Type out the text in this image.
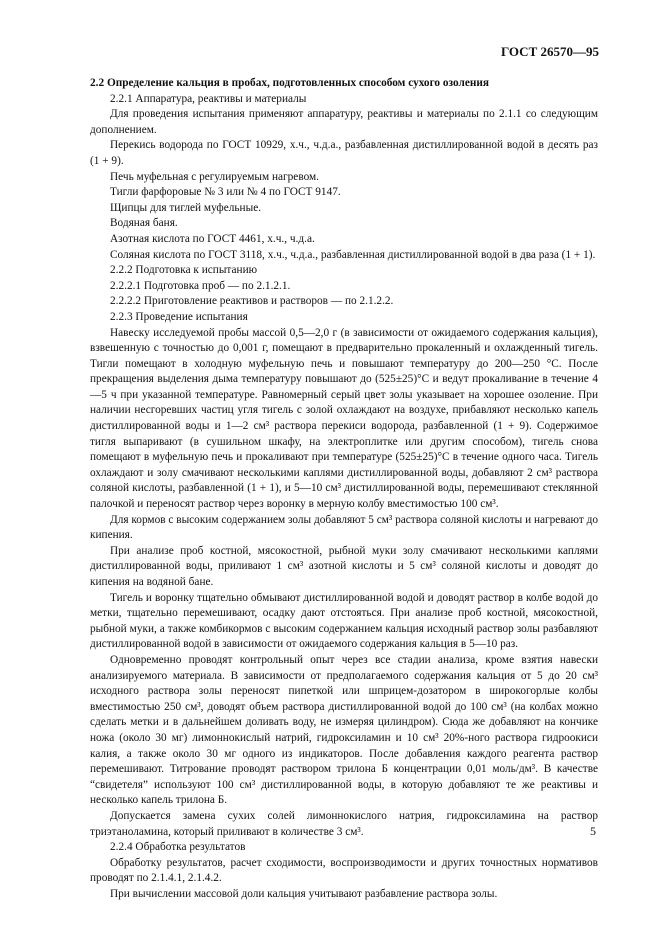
ГОСТ 26570—95

2.2 Определение кальция в пробах, подготовленных способом сухого озоления

2.2.1 Аппаратура, реактивы и материалы

Для проведения испытания применяют аппаратуру, реактивы и материалы по 2.1.1 со следующим дополнением.

Перекись водорода по ГОСТ 10929, х.ч., ч.д.а., разбавленная дистиллированной водой в десять раз (1 + 9).

Печь муфельная с регулируемым нагревом.

Тигли фарфоровые № 3 или № 4 по ГОСТ 9147.

Щипцы для тиглей муфельные.

Водяная баня.

Азотная кислота по ГОСТ 4461, х.ч., ч.д.а.

Соляная кислота по ГОСТ 3118, х.ч., ч.д.а., разбавленная дистиллированной водой в два раза (1 + 1).

2.2.2 Подготовка к испытанию

2.2.2.1 Подготовка проб — по 2.1.2.1.

2.2.2.2 Приготовление реактивов и растворов — по 2.1.2.2.

2.2.3 Проведение испытания

Навеску исследуемой пробы массой 0,5—2,0 г (в зависимости от ожидаемого содержания кальция), взвешенную с точностью до 0,001 г, помещают в предварительно прокаленный и охлажденный тигель. Тигли помещают в холодную муфельную печь и повышают температуру до 200—250 °С. После прекращения выделения дыма температуру повышают до (525±25)°С и ведут прокаливание в течение 4—5 ч при указанной температуре. Равномерный серый цвет золы указывает на хорошее озоление. При наличии несгоревших частиц угля тигель с золой охлаждают на воздухе, прибавляют несколько капель дистиллированной воды и 1—2 см³ раствора перекиси водорода, разбавленной (1 + 9). Содержимое тигля выпаривают (в сушильном шкафу, на электроплитке или другим способом), тигель снова помещают в муфельную печь и прокаливают при температуре (525±25)°С в течение одного часа. Тигель охлаждают и золу смачивают несколькими каплями дистиллированной воды, добавляют 2 см³ раствора соляной кислоты, разбавленной (1 + 1), и 5—10 см³ дистиллированной воды, перемешивают стеклянной палочкой и переносят раствор через воронку в мерную колбу вместимостью 100 см³.

Для кормов с высоким содержанием золы добавляют 5 см³ раствора соляной кислоты и нагревают до кипения.

При анализе проб костной, мясокостной, рыбной муки золу смачивают несколькими каплями дистиллированной воды, приливают 1 см³ азотной кислоты и 5 см³ соляной кислоты и доводят до кипения на водяной бане.

Тигель и воронку тщательно обмывают дистиллированной водой и доводят раствор в колбе водой до метки, тщательно перемешивают, осадку дают отстояться. При анализе проб костной, мясокостной, рыбной муки, а также комбикормов с высоким содержанием кальция исходный раствор золы разбавляют дистиллированной водой в зависимости от ожидаемого содержания кальция в 5—10 раз.

Одновременно проводят контрольный опыт через все стадии анализа, кроме взятия навески анализируемого материала. В зависимости от предполагаемого содержания кальция от 5 до 20 см³ исходного раствора золы переносят пипеткой или шприцем-дозатором в широкогорлые колбы вместимостью 250 см³, доводят объем раствора дистиллированной водой до 100 см³ (на колбах можно сделать метки и в дальнейшем доливать воду, не измеряя цилиндром). Сюда же добавляют на кончике ножа (около 30 мг) лимоннокислый натрий, гидроксиламин и 10 см³ 20%-ного раствора гидроокиси калия, а также около 30 мг одного из индикаторов. После добавления каждого реагента раствор перемешивают. Титрование проводят раствором трилона Б концентрации 0,01 моль/дм³. В качестве “свидетеля” используют 100 см³ дистиллированной воды, в которую добавляют те же реактивы и несколько капель трилона Б.

Допускается замена сухих солей лимоннокислого натрия, гидроксиламина на раствор триэтаноламина, который приливают в количестве 3 см³.

2.2.4 Обработка результатов

Обработку результатов, расчет сходимости, воспроизводимости и других точностных нормативов проводят по 2.1.4.1, 2.1.4.2.

При вычислении массовой доли кальция учитывают разбавление раствора золы.

5
